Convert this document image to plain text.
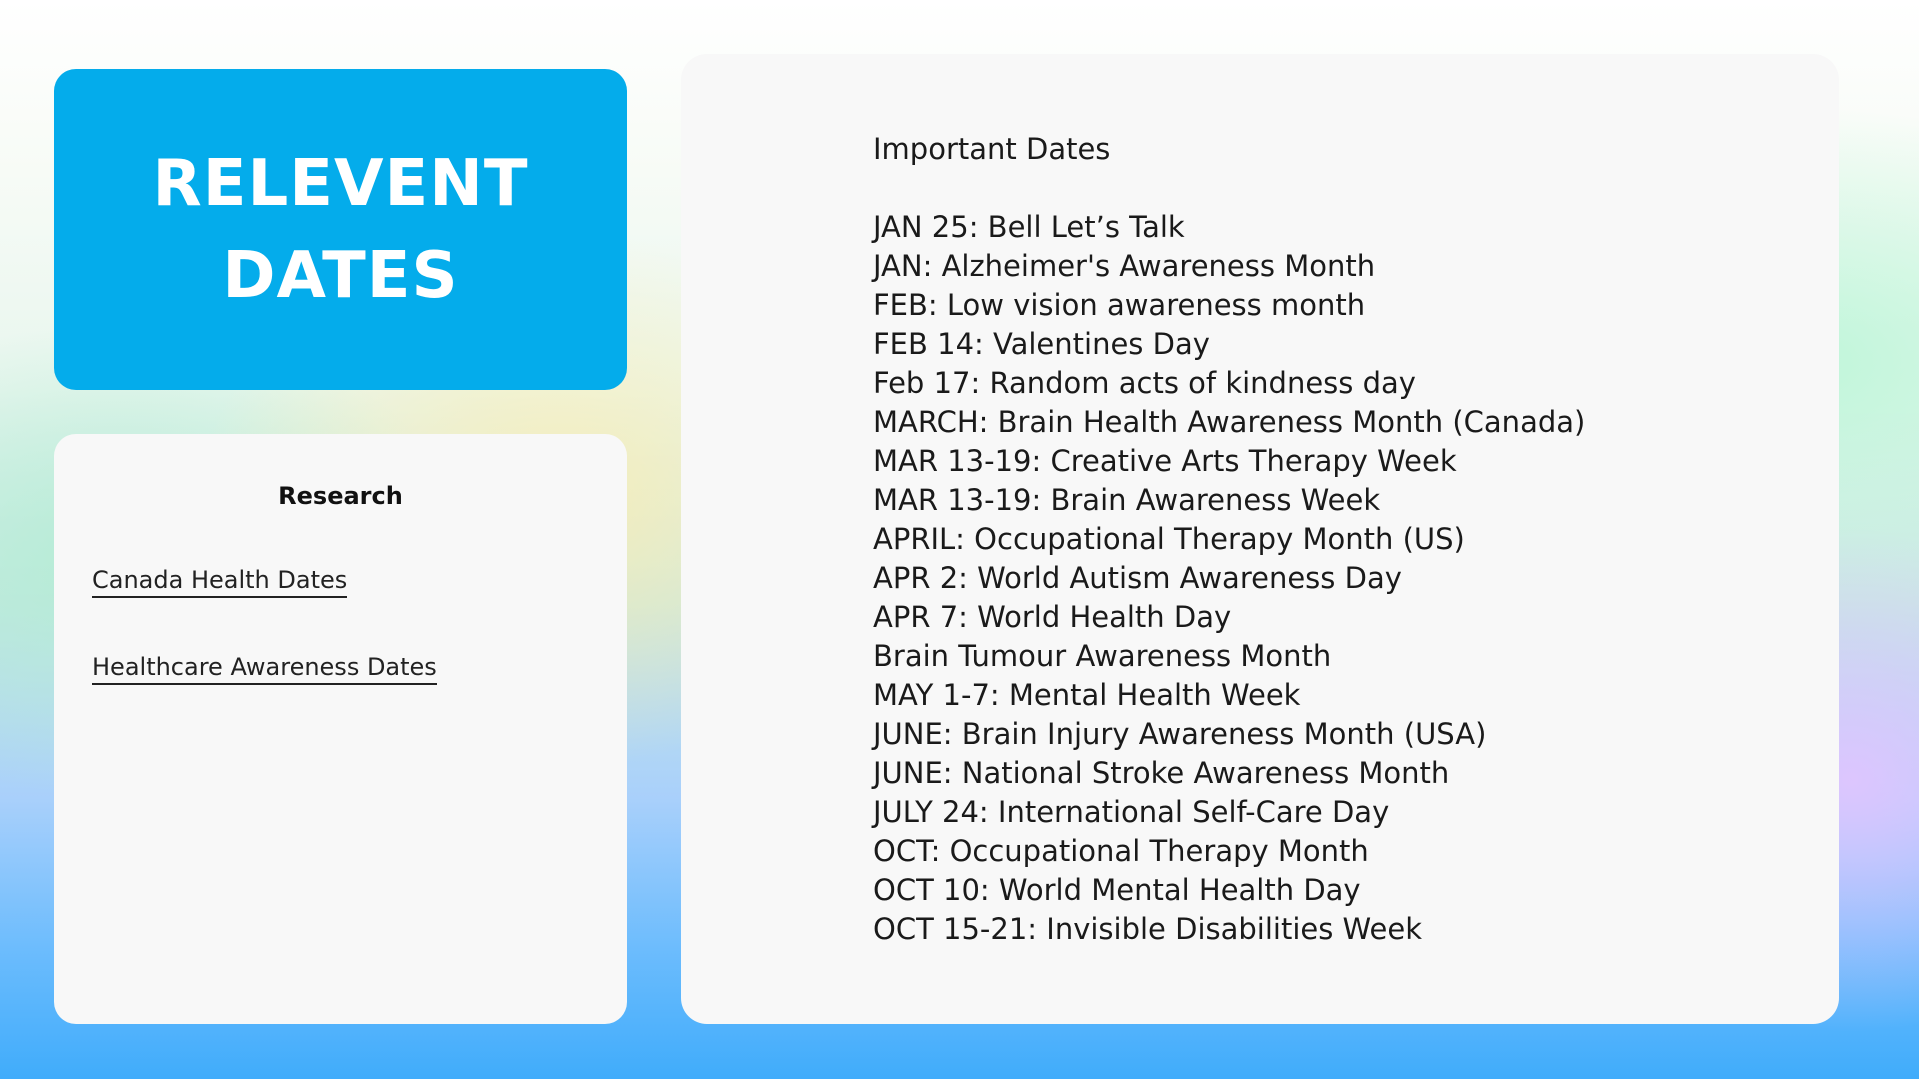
RELEVENT
DATES
Research
Canada Health Dates
Healthcare Awareness Dates
Important Dates
JAN 25: Bell Let’s Talk
JAN: Alzheimer's Awareness Month
FEB: Low vision awareness month
FEB 14: Valentines Day
Feb 17: Random acts of kindness day
MARCH: Brain Health Awareness Month (Canada)
MAR 13-19: Creative Arts Therapy Week
MAR 13-19: Brain Awareness Week
APRIL: Occupational Therapy Month (US)
APR 2: World Autism Awareness Day
APR 7: World Health Day
Brain Tumour Awareness Month
MAY 1-7: Mental Health Week
JUNE: Brain Injury Awareness Month (USA)
JUNE: National Stroke Awareness Month
JULY 24: International Self-Care Day
OCT: Occupational Therapy Month
OCT 10: World Mental Health Day
OCT 15-21: Invisible Disabilities Week
